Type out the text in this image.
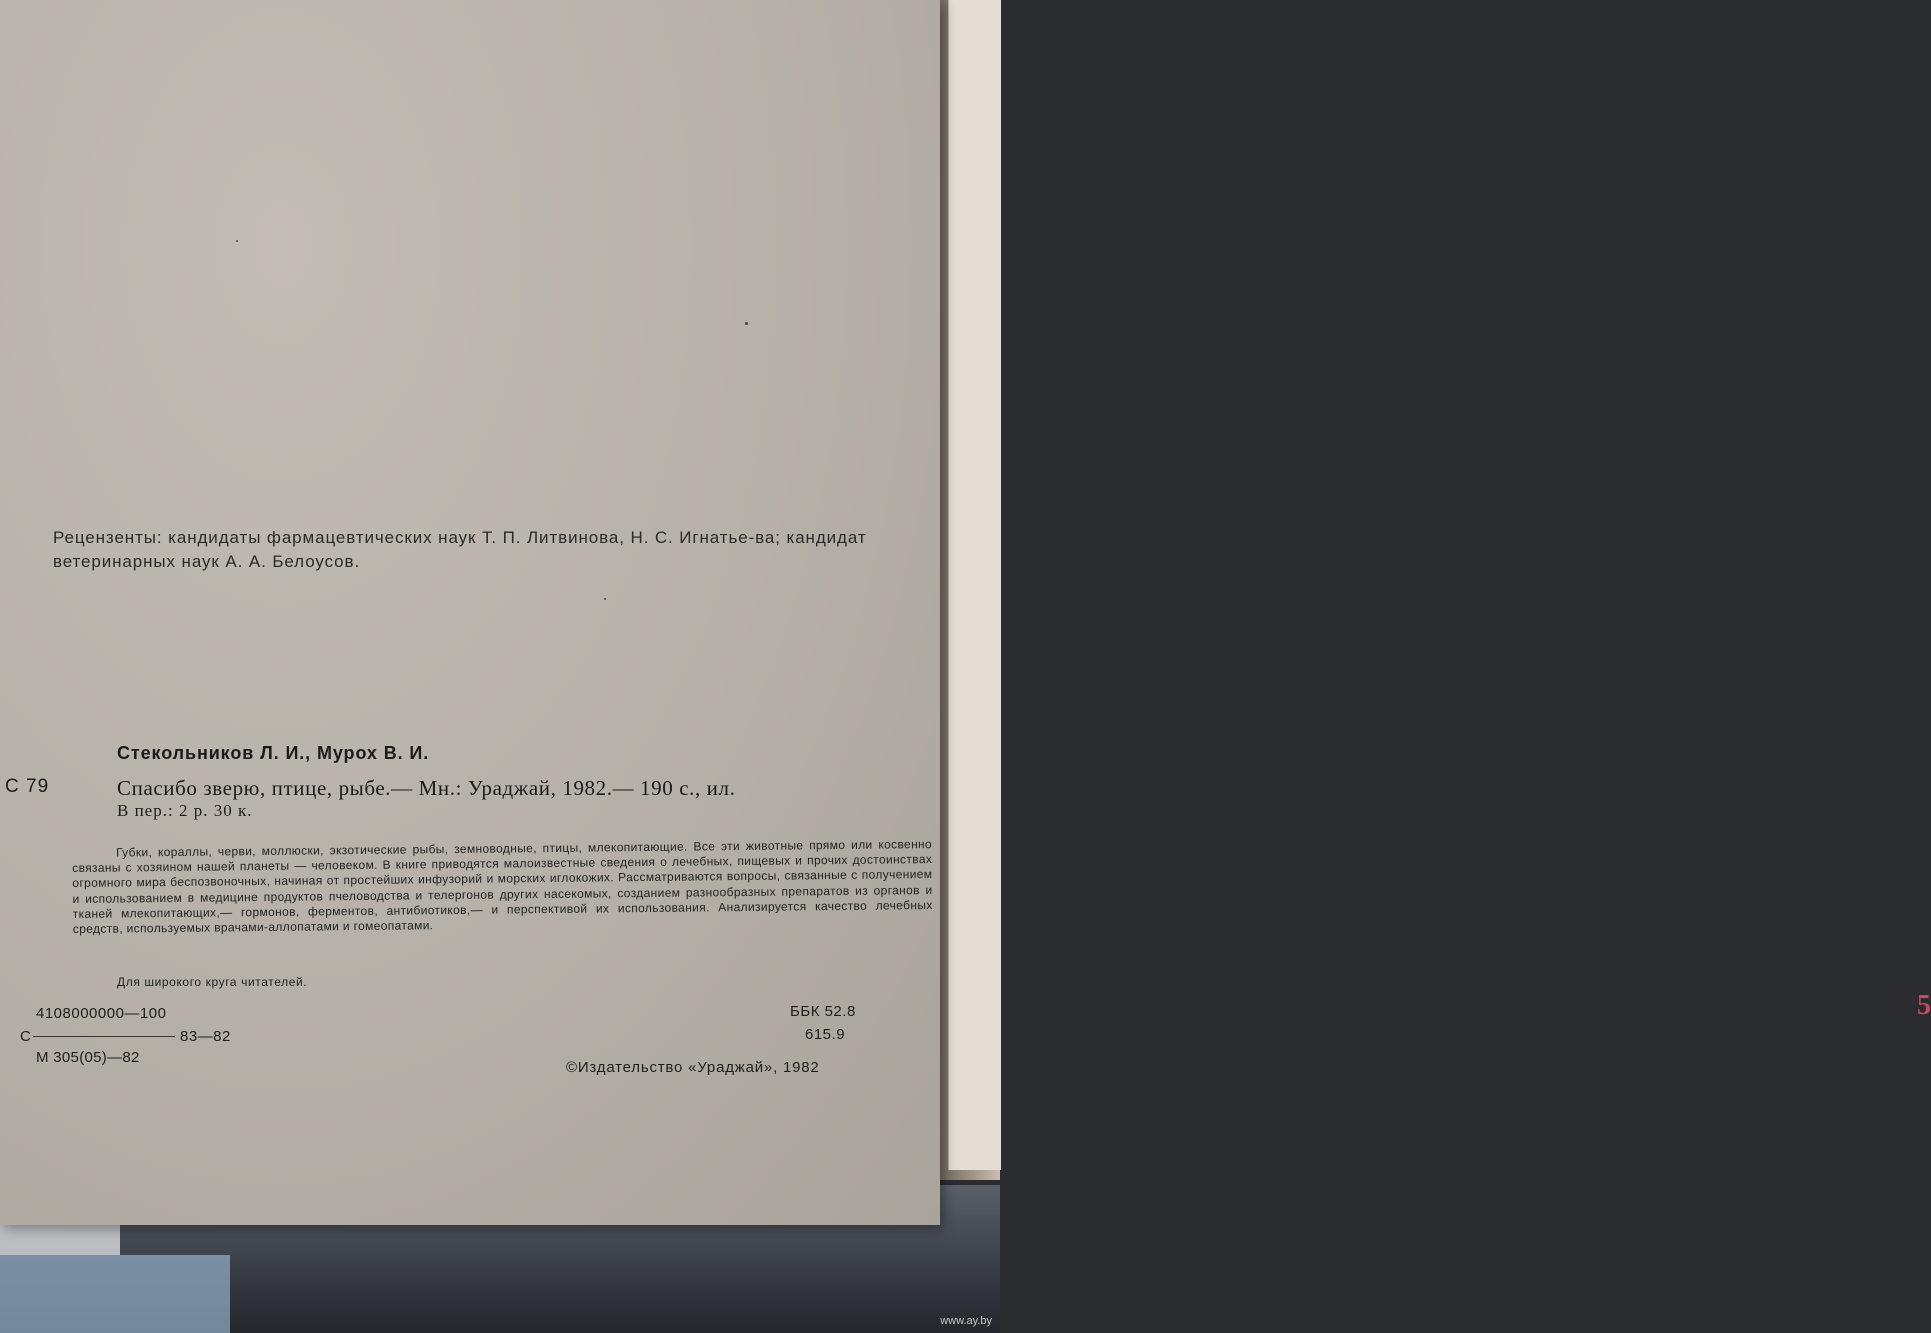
5
Рецензенты: кандидаты фармацевтических наук Т. П. Литвинова, Н. С. Игнатье-ва; кандидат ветеринарных наук А. А. Белоусов.
Стекольников Л. И., Мурох В. И.
С 79	Спасибо зверю, птице, рыбе.— Мн.: Ураджай, 1982.— 190 с., ил.
В пер.: 2 р. 30 к.
Губки, кораллы, черви, моллюски, экзотические рыбы, земноводные, птицы, млекопитающие. Все эти животные прямо или косвенно связаны с хозяином нашей планеты — человеком. В книге приводятся малоизвестные сведения о лечебных, пищевых и прочих достоинствах огромного мира беспозвоночных, начиная от простейших инфузорий и морских иглокожих. Рассматриваются вопросы, связанные с получением и использованием в медицине продуктов пчеловодства и телергонов других насекомых, созданием разнообразных препаратов из органов и тканей млекопитающих,— гормонов, ферментов, антибиотиков,— и перспективой их использования. Анализируется качество лечебных средств, используемых врачами-аллопатами и гомеопатами.
Для широкого круга читателей.
4108000000—100
С	83—82
М 305(05)—82
ББК 52.8
615.9
©Издательство «Ураджай», 1982
www.ay.by
